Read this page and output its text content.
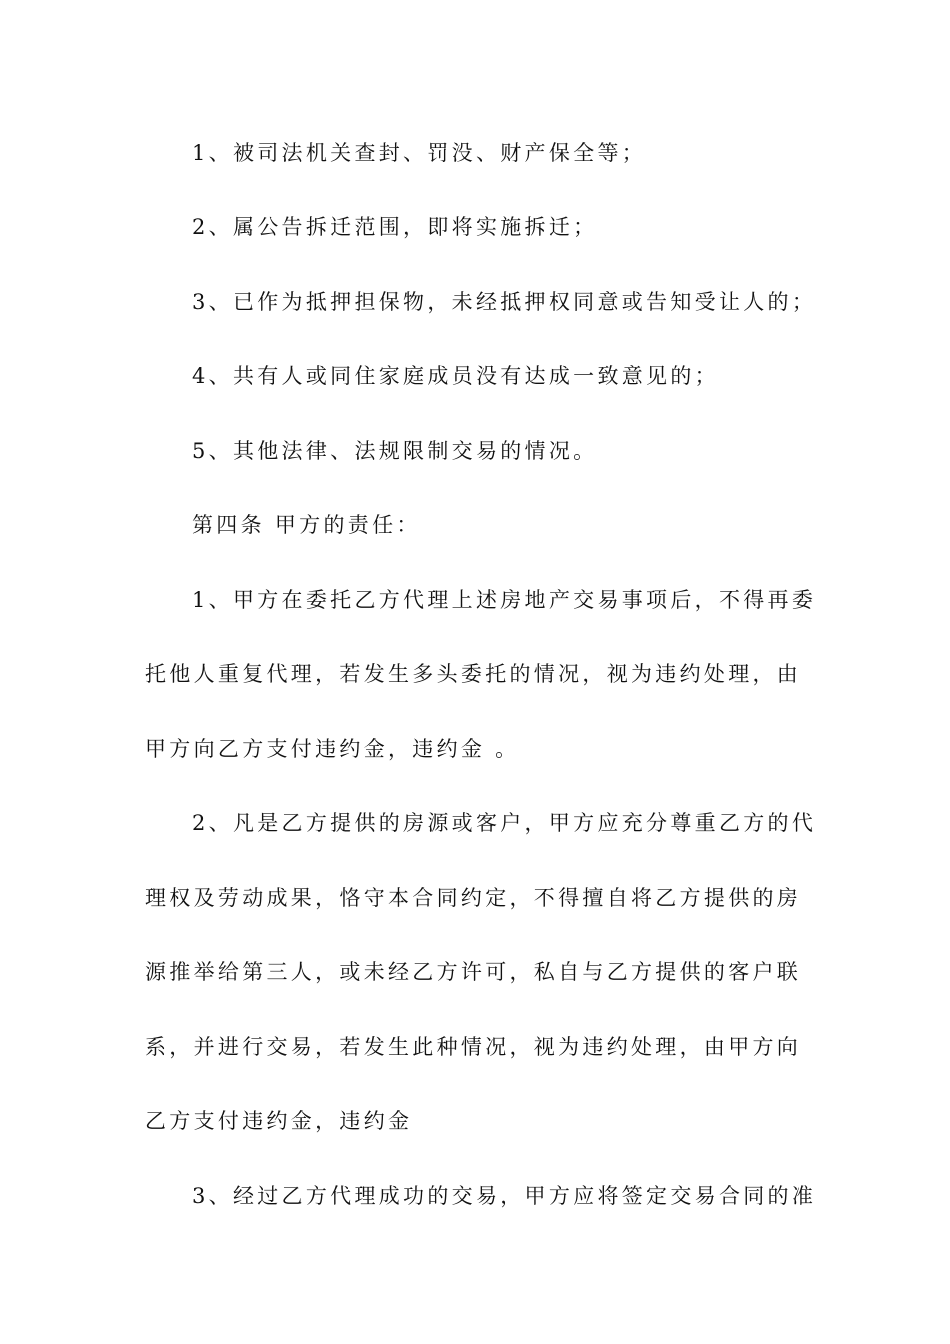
1、被司法机关查封、罚没、财产保全等；
2、属公告拆迁范围，即将实施拆迁；
3、已作为抵押担保物，未经抵押权同意或告知受让人的；
4、共有人或同住家庭成员没有达成一致意见的；
5、其他法律、法规限制交易的情况。
第四条 甲方的责任：
1、甲方在委托乙方代理上述房地产交易事项后，不得再委
托他人重复代理，若发生多头委托的情况，视为违约处理，由
甲方向乙方支付违约金，违约金 。
2、凡是乙方提供的房源或客户，甲方应充分尊重乙方的代
理权及劳动成果，恪守本合同约定，不得擅自将乙方提供的房
源推举给第三人，或未经乙方许可，私自与乙方提供的客户联
系，并进行交易，若发生此种情况，视为违约处理，由甲方向
乙方支付违约金，违约金
3、经过乙方代理成功的交易，甲方应将签定交易合同的准
